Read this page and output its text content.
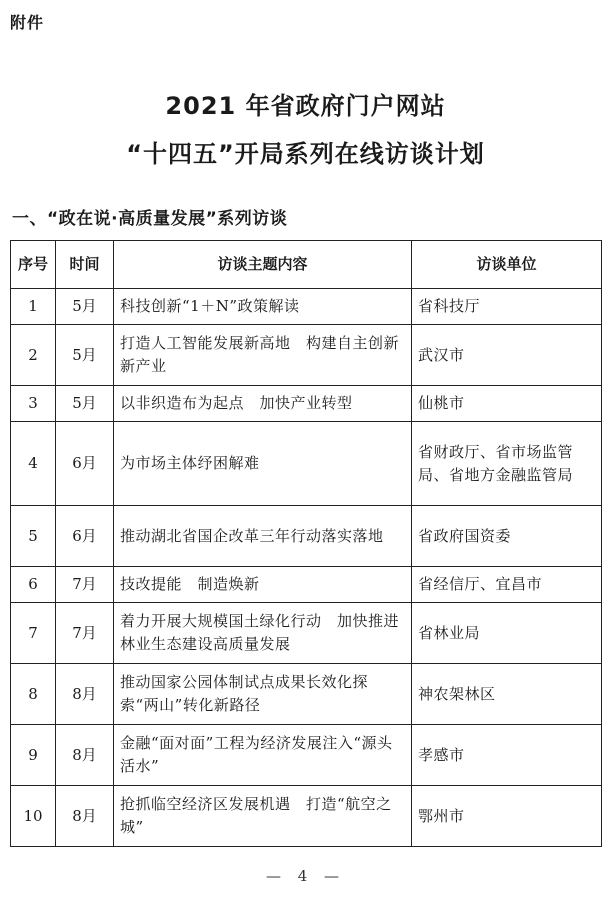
附件
2021 年省政府门户网站
“十四五”开局系列在线访谈计划
一、“政在说·高质量发展”系列访谈
序号	时间	访谈主题内容	访谈单位
1	5月	科技创新“1＋N”政策解读	省科技厅
2	5月	打造人工智能发展新高地　构建自主创新新产业	武汉市
3	5月	以非织造布为起点　加快产业转型	仙桃市
4	6月	为市场主体纾困解难	省财政厅、省市场监管局、省地方金融监管局
5	6月	推动湖北省国企改革三年行动落实落地	省政府国资委
6	7月	技改提能　制造焕新	省经信厅、宜昌市
7	7月	着力开展大规模国土绿化行动　加快推进林业生态建设高质量发展	省林业局
8	8月	推动国家公园体制试点成果长效化探索“两山”转化新路径	神农架林区
9	8月	金融“面对面”工程为经济发展注入“源头活水”	孝感市
10	8月	抢抓临空经济区发展机遇　打造“航空之城”	鄂州市
— 4 —
